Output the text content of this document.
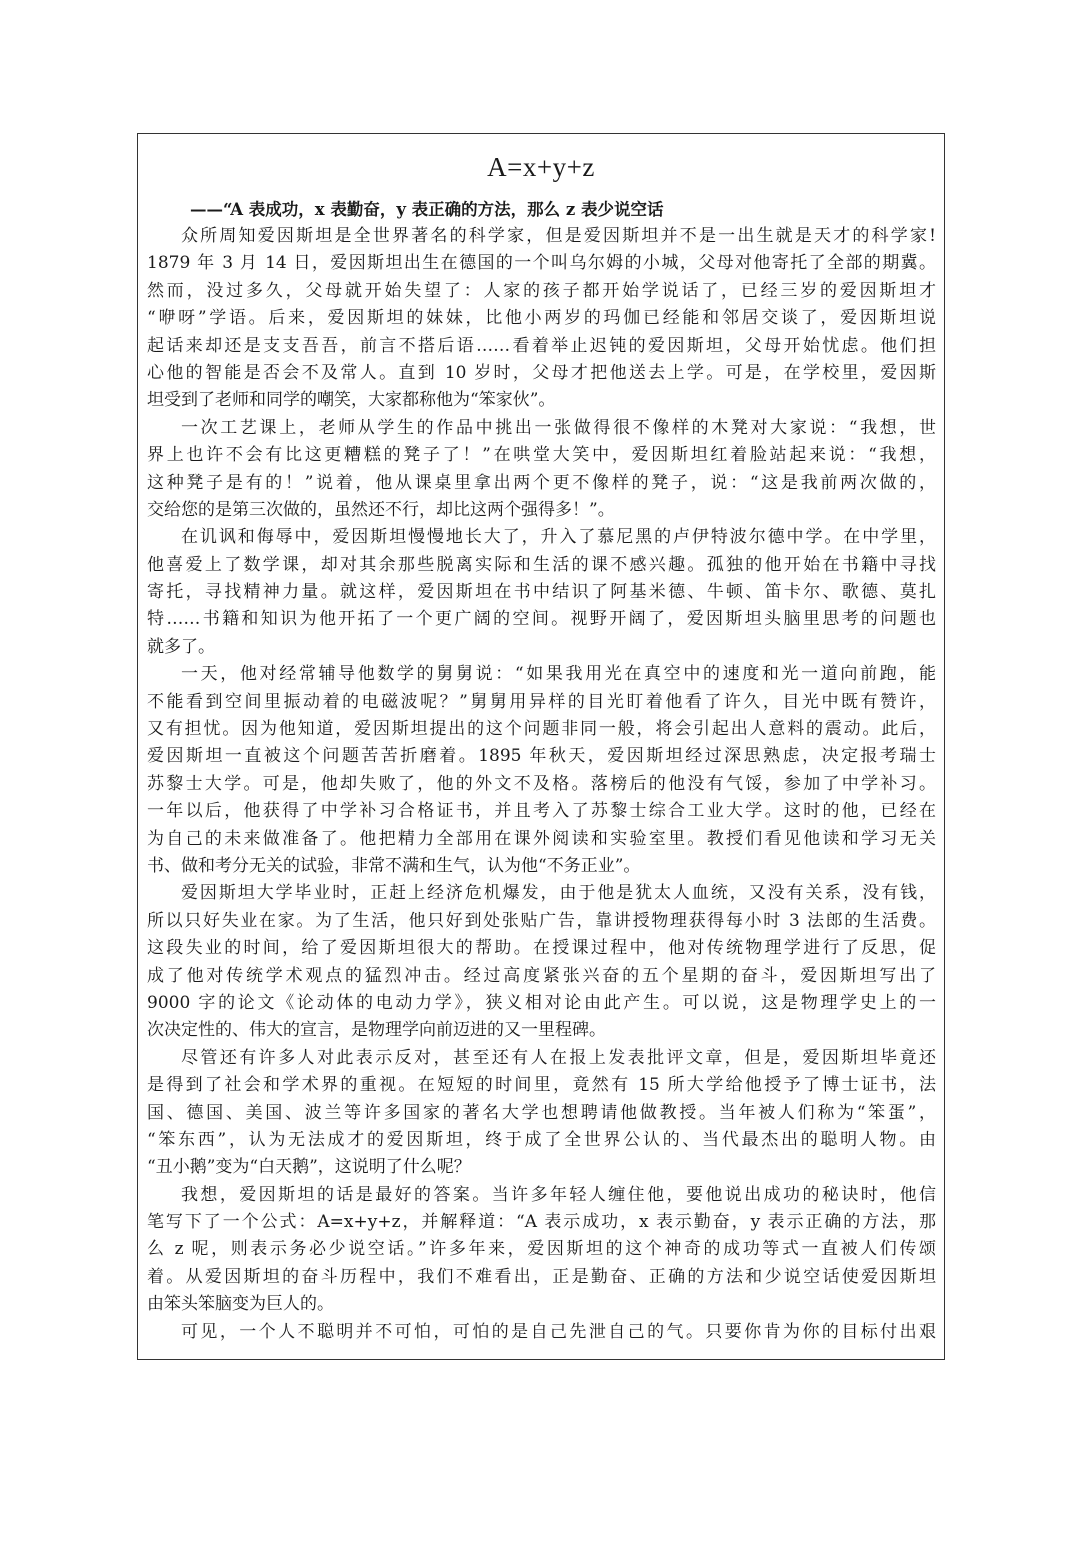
A=x+y+z
——“A 表成功，x 表勤奋，y 表正确的方法，那么 z 表少说空话
众所周知爱因斯坦是全世界著名的科学家，但是爱因斯坦并不是一出生就是天才的科学家!
1879 年 3 月 14 日，爱因斯坦出生在德国的一个叫乌尔姆的小城，父母对他寄托了全部的期冀。
然而，没过多久，父母就开始失望了：人家的孩子都开始学说话了，已经三岁的爱因斯坦才
“咿呀”学语。后来，爱因斯坦的妹妹，比他小两岁的玛伽已经能和邻居交谈了，爱因斯坦说
起话来却还是支支吾吾，前言不搭后语……看着举止迟钝的爱因斯坦，父母开始忧虑。他们担
心他的智能是否会不及常人。直到 10 岁时，父母才把他送去上学。可是，在学校里，爱因斯
坦受到了老师和同学的嘲笑，大家都称他为“笨家伙”。
一次工艺课上，老师从学生的作品中挑出一张做得很不像样的木凳对大家说：“我想，世
界上也许不会有比这更糟糕的凳子了！”在哄堂大笑中，爱因斯坦红着脸站起来说：“我想，
这种凳子是有的！”说着，他从课桌里拿出两个更不像样的凳子，说：“这是我前两次做的，
交给您的是第三次做的，虽然还不行，却比这两个强得多！”。
在讥讽和侮辱中，爱因斯坦慢慢地长大了，升入了慕尼黑的卢伊特波尔德中学。在中学里，
他喜爱上了数学课，却对其余那些脱离实际和生活的课不感兴趣。孤独的他开始在书籍中寻找
寄托，寻找精神力量。就这样，爱因斯坦在书中结识了阿基米德、牛顿、笛卡尔、歌德、莫扎
特……书籍和知识为他开拓了一个更广阔的空间。视野开阔了，爱因斯坦头脑里思考的问题也
就多了。
一天，他对经常辅导他数学的舅舅说：“如果我用光在真空中的速度和光一道向前跑，能
不能看到空间里振动着的电磁波呢？”舅舅用异样的目光盯着他看了许久，目光中既有赞许，
又有担忧。因为他知道，爱因斯坦提出的这个问题非同一般，将会引起出人意料的震动。此后，
爱因斯坦一直被这个问题苦苦折磨着。1895 年秋天，爱因斯坦经过深思熟虑，决定报考瑞士
苏黎士大学。可是，他却失败了，他的外文不及格。落榜后的他没有气馁，参加了中学补习。
一年以后，他获得了中学补习合格证书，并且考入了苏黎士综合工业大学。这时的他，已经在
为自己的未来做准备了。他把精力全部用在课外阅读和实验室里。教授们看见他读和学习无关
书、做和考分无关的试验，非常不满和生气，认为他“不务正业”。
爱因斯坦大学毕业时，正赶上经济危机爆发，由于他是犹太人血统，又没有关系，没有钱，
所以只好失业在家。为了生活，他只好到处张贴广告，靠讲授物理获得每小时 3 法郎的生活费。
这段失业的时间，给了爱因斯坦很大的帮助。在授课过程中，他对传统物理学进行了反思，促
成了他对传统学术观点的猛烈冲击。经过高度紧张兴奋的五个星期的奋斗，爱因斯坦写出了
9000 字的论文《论动体的电动力学》，狭义相对论由此产生。可以说，这是物理学史上的一
次决定性的、伟大的宣言，是物理学向前迈进的又一里程碑。
尽管还有许多人对此表示反对，甚至还有人在报上发表批评文章，但是，爱因斯坦毕竟还
是得到了社会和学术界的重视。在短短的时间里，竟然有 15 所大学给他授予了博士证书，法
国、德国、美国、波兰等许多国家的著名大学也想聘请他做教授。当年被人们称为“笨蛋”，
“笨东西”，认为无法成才的爱因斯坦，终于成了全世界公认的、当代最杰出的聪明人物。由
“丑小鹅”变为“白天鹅”，这说明了什么呢？
我想，爱因斯坦的话是最好的答案。当许多年轻人缠住他，要他说出成功的秘诀时，他信
笔写下了一个公式：A=x+y+z，并解释道：“A 表示成功，x 表示勤奋，y 表示正确的方法，那
么 z 呢，则表示务必少说空话。”许多年来，爱因斯坦的这个神奇的成功等式一直被人们传颂
着。从爱因斯坦的奋斗历程中，我们不难看出，正是勤奋、正确的方法和少说空话使爱因斯坦
由笨头笨脑变为巨人的。
可见，一个人不聪明并不可怕，可怕的是自己先泄自己的气。只要你肯为你的目标付出艰
